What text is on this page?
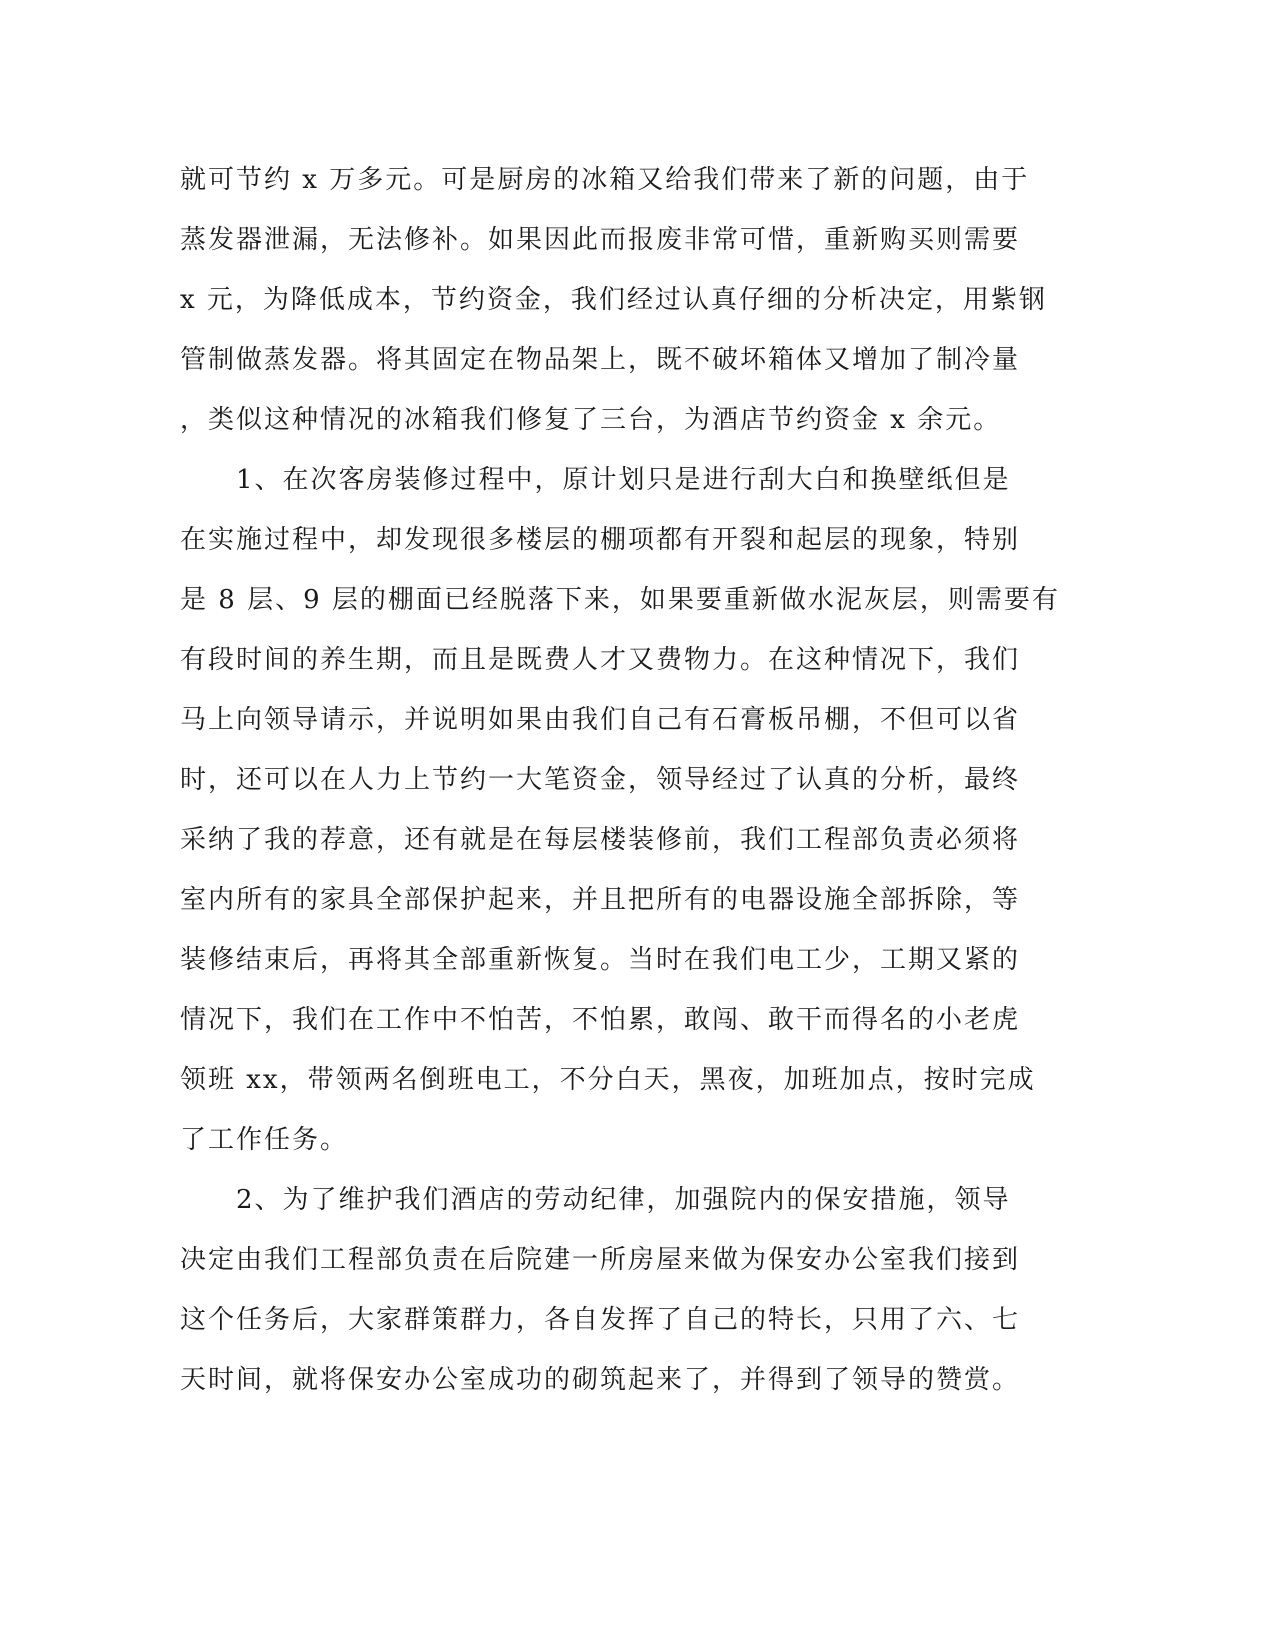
就可节约 x 万多元。可是厨房的冰箱又给我们带来了新的问题，由于
蒸发器泄漏，无法修补。如果因此而报废非常可惜，重新购买则需要
x 元，为降低成本，节约资金，我们经过认真仔细的分析决定，用紫钢
管制做蒸发器。将其固定在物品架上，既不破坏箱体又增加了制冷量
，类似这种情况的冰箱我们修复了三台，为酒店节约资金 x 余元。
　　1、在次客房装修过程中，原计划只是进行刮大白和换壁纸但是
在实施过程中，却发现很多楼层的棚项都有开裂和起层的现象，特别
是 8 层、9 层的棚面已经脱落下来，如果要重新做水泥灰层，则需要有
有段时间的养生期，而且是既费人才又费物力。在这种情况下，我们
马上向领导请示，并说明如果由我们自己有石膏板吊棚，不但可以省
时，还可以在人力上节约一大笔资金，领导经过了认真的分析，最终
采纳了我的荐意，还有就是在每层楼装修前，我们工程部负责必须将
室内所有的家具全部保护起来，并且把所有的电器设施全部拆除，等
装修结束后，再将其全部重新恢复。当时在我们电工少，工期又紧的
情况下，我们在工作中不怕苦，不怕累，敢闯、敢干而得名的小老虎
领班 xx，带领两名倒班电工，不分白天，黑夜，加班加点，按时完成
了工作任务。
　　2、为了维护我们酒店的劳动纪律，加强院内的保安措施，领导
决定由我们工程部负责在后院建一所房屋来做为保安办公室我们接到
这个任务后，大家群策群力，各自发挥了自己的特长，只用了六、七
天时间，就将保安办公室成功的砌筑起来了，并得到了领导的赞赏。
